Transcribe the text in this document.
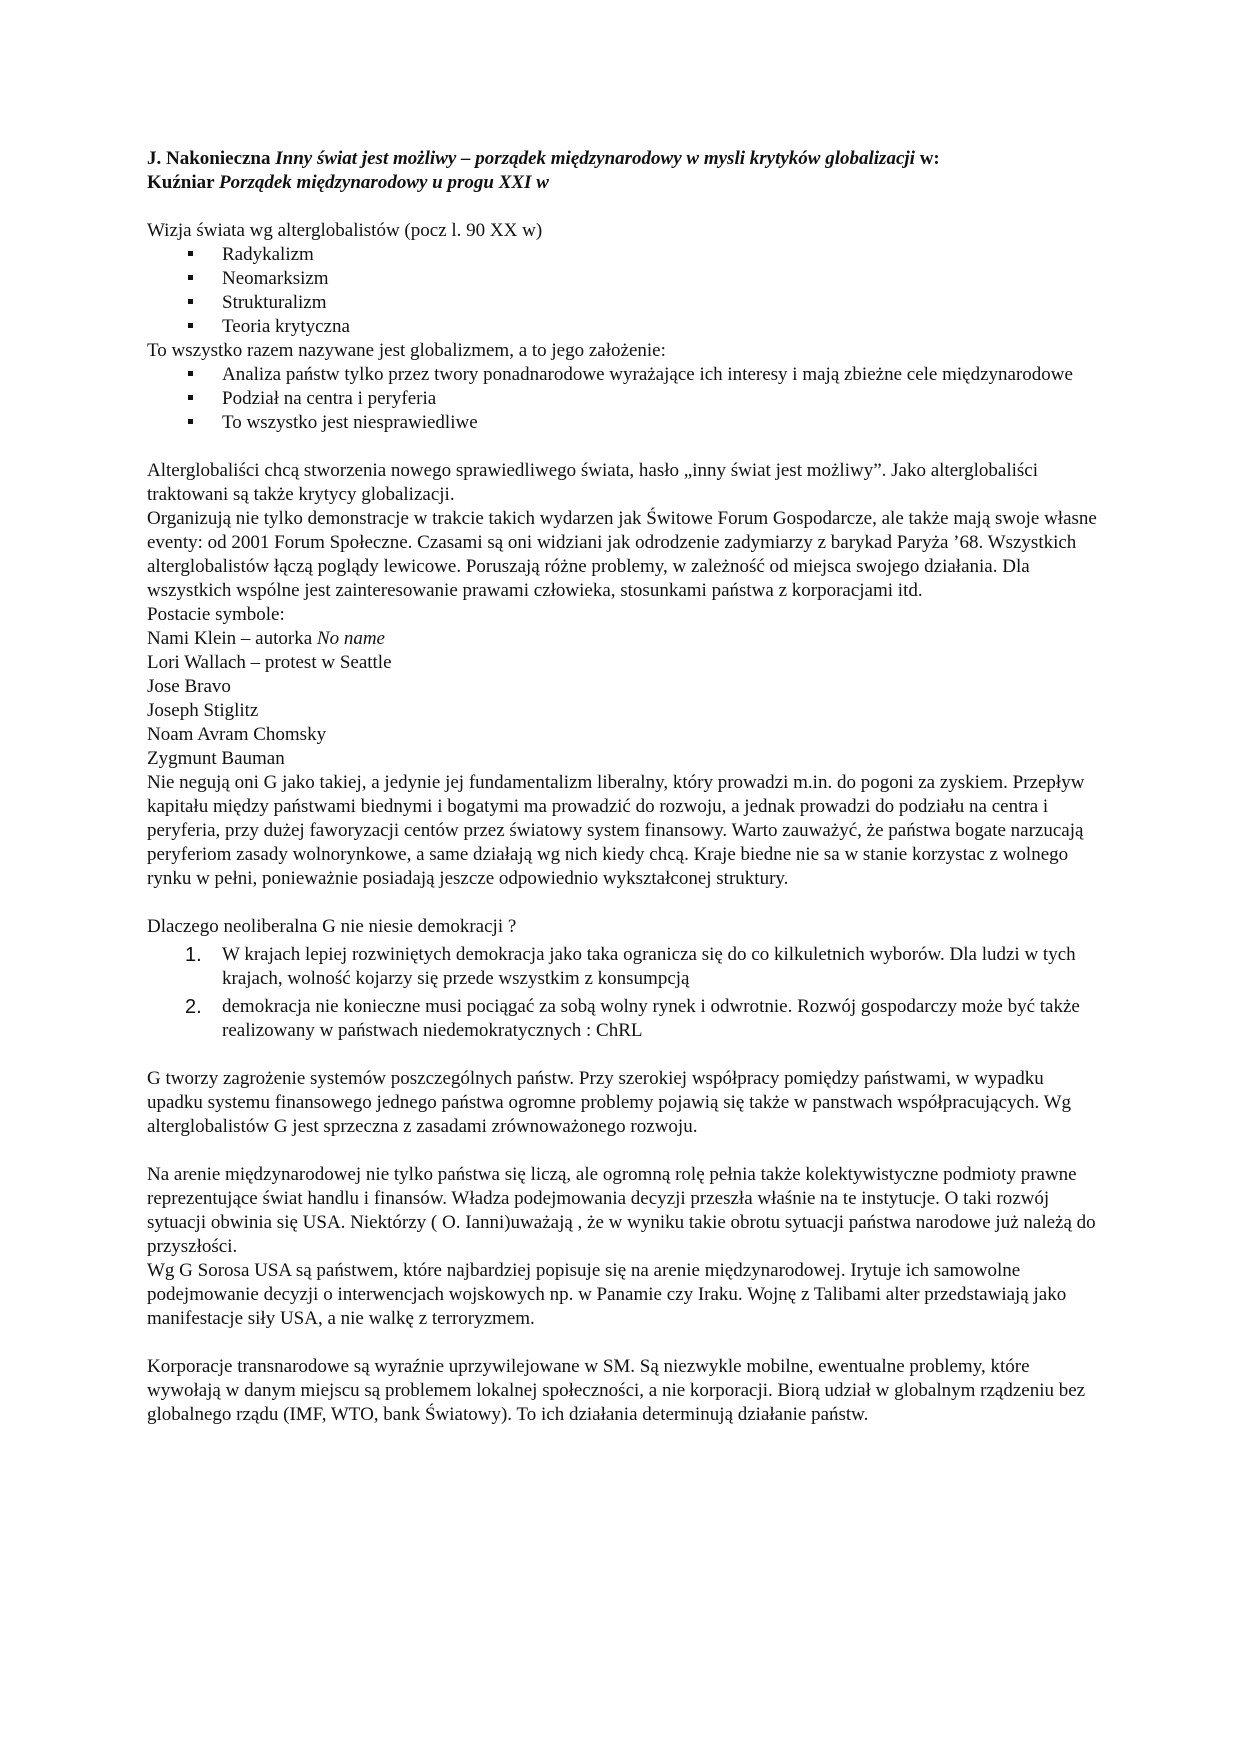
J. Nakonieczna Inny świat jest możliwy – porządek międzynarodowy w mysli krytyków globalizacji w:
Kuźniar Porządek międzynarodowy u progu XXI w

Wizja świata wg alterglobalistów (pocz l. 90 XX w)

Radykalizm
Neomarksizm
Strukturalizm
Teoria krytyczna

To wszystko razem nazywane jest globalizmem, a to jego założenie:

Analiza państw tylko przez twory ponadnarodowe wyrażające ich interesy i mają zbieżne cele międzynarodowe
Podział na centra i peryferia
To wszystko jest niesprawiedliwe

Alterglobaliści chcą stworzenia nowego sprawiedliwego świata, hasło „inny świat jest możliwy”. Jako alterglobaliści traktowani są także krytycy globalizacji.

Organizują nie tylko demonstracje w trakcie takich wydarzen jak Świtowe Forum Gospodarcze, ale także mają swoje własne eventy: od 2001 Forum Społeczne. Czasami są oni widziani jak odrodzenie zadymiarzy z barykad Paryża ’68. Wszystkich alterglobalistów łączą poglądy lewicowe. Poruszają różne problemy, w zależność od miejsca swojego działania. Dla wszystkich wspólne jest zainteresowanie prawami człowieka, stosunkami państwa z korporacjami itd.

Postacie symbole:

Nami Klein – autorka No name

Lori Wallach – protest w Seattle

Jose Bravo

Joseph Stiglitz

Noam Avram Chomsky

Zygmunt Bauman

Nie negują oni G jako takiej, a jedynie jej fundamentalizm liberalny, który prowadzi m.in. do pogoni za zyskiem. Przepływ kapitału między państwami biednymi i bogatymi ma prowadzić do rozwoju, a jednak prowadzi do podziału na centra i peryferia, przy dużej faworyzacji centów przez światowy system finansowy. Warto zauważyć, że państwa bogate narzucają peryferiom zasady wolnorynkowe, a same działają wg nich kiedy chcą. Kraje biedne nie sa w stanie korzystac z wolnego rynku w pełni, ponieważnie posiadają jeszcze odpowiednio wykształconej struktury.

Dlaczego neoliberalna G nie niesie demokracji ?

1. W krajach lepiej rozwiniętych demokracja jako taka ogranicza się do co kilkuletnich wyborów. Dla ludzi w tych krajach, wolność kojarzy się przede wszystkim z konsumpcją
2. demokracja nie konieczne musi pociągać za sobą wolny rynek i odwrotnie. Rozwój gospodarczy może być także realizowany w państwach niedemokratycznych : ChRL

G tworzy zagrożenie systemów poszczególnych państw. Przy szerokiej współpracy pomiędzy państwami, w wypadku upadku systemu finansowego jednego państwa ogromne problemy pojawią się także w panstwach współpracujących. Wg alterglobalistów G jest sprzeczna z zasadami zrównoważonego rozwoju.

Na arenie międzynarodowej nie tylko państwa się liczą, ale ogromną rolę pełnia także kolektywistyczne podmioty prawne reprezentujące świat handlu i finansów. Władza podejmowania decyzji przeszła właśnie na te instytucje. O taki rozwój sytuacji obwinia się USA. Niektórzy ( O. Ianni)uważają , że w wyniku takie obrotu sytuacji państwa narodowe już należą do przyszłości.

Wg G Sorosa USA są państwem, które najbardziej popisuje się na arenie międzynarodowej. Irytuje ich samowolne podejmowanie decyzji o interwencjach wojskowych np. w Panamie czy Iraku. Wojnę z Talibami alter przedstawiają jako manifestacje siły USA, a nie walkę z terroryzmem.

Korporacje transnarodowe są wyraźnie uprzywilejowane w SM. Są niezwykle mobilne, ewentualne problemy, które wywołają w danym miejscu są problemem lokalnej społeczności, a nie korporacji. Biorą udział w globalnym rządzeniu bez globalnego rządu (IMF, WTO, bank Światowy). To ich działania determinują działanie państw.
